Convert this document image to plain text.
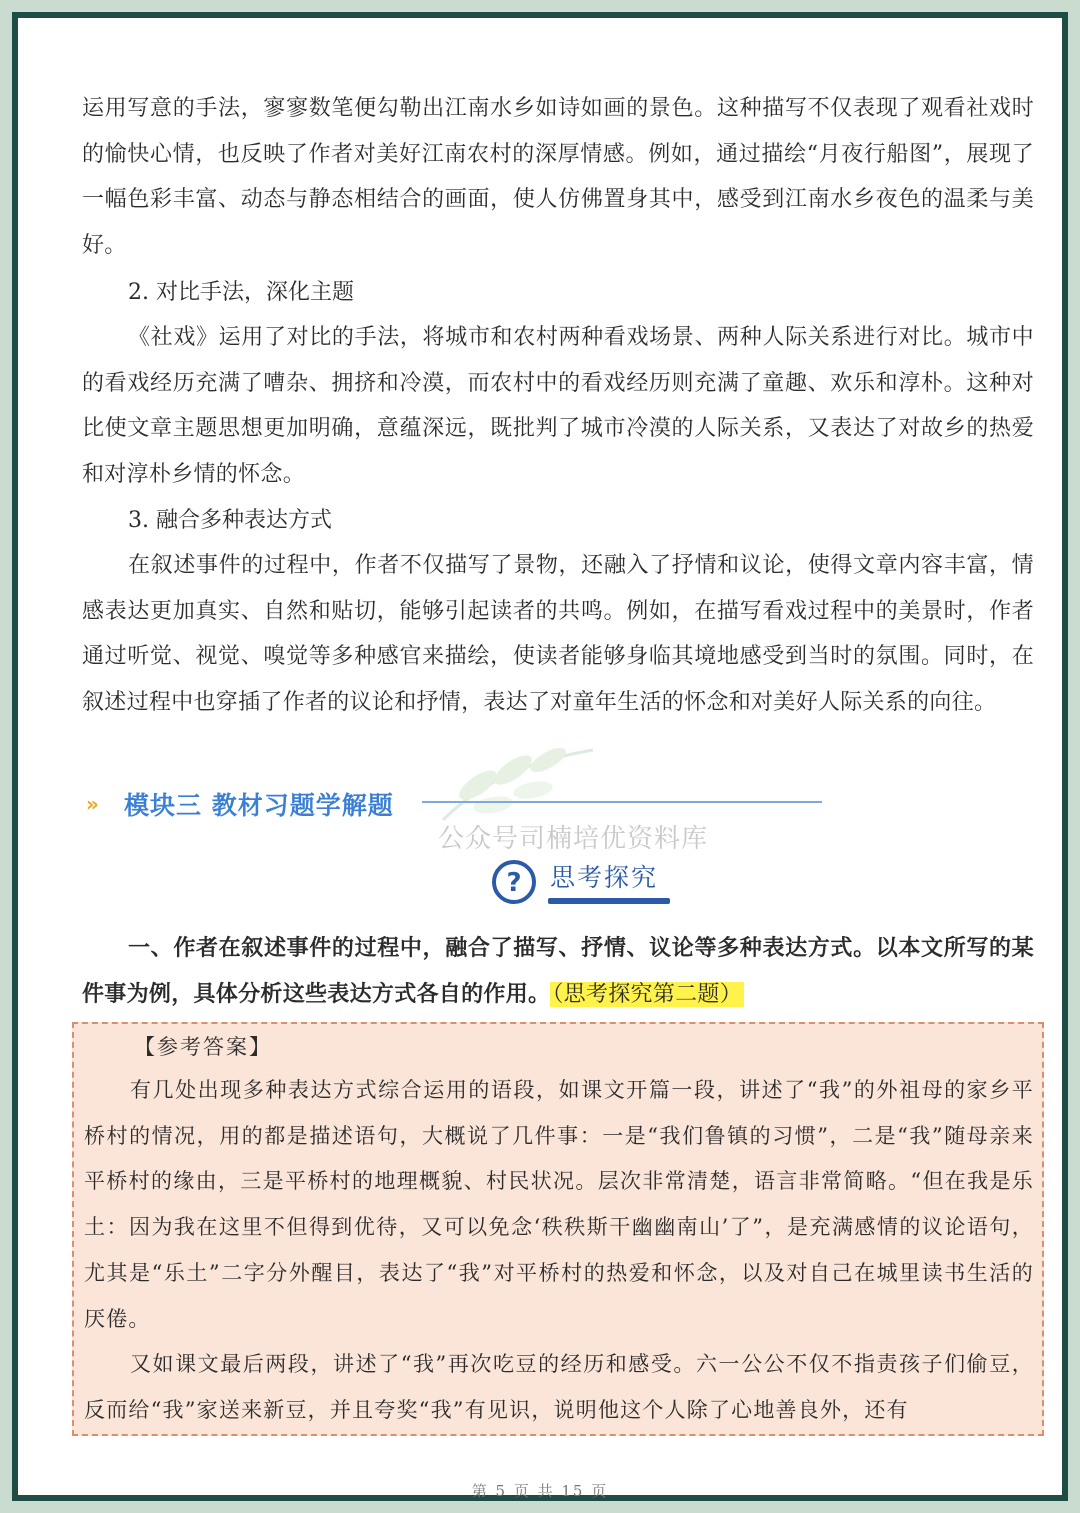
运用写意的手法，寥寥数笔便勾勒出江南水乡如诗如画的景色。这种描写不仅表现了观看社戏时的愉快心情，也反映了作者对美好江南农村的深厚情感。例如，通过描绘“月夜行船图”，展现了一幅色彩丰富、动态与静态相结合的画面，使人仿佛置身其中，感受到江南水乡夜色的温柔与美好。

2. 对比手法，深化主题

《社戏》运用了对比的手法，将城市和农村两种看戏场景、两种人际关系进行对比。城市中的看戏经历充满了嘈杂、拥挤和冷漠，而农村中的看戏经历则充满了童趣、欢乐和淳朴。这种对比使文章主题思想更加明确，意蕴深远，既批判了城市冷漠的人际关系，又表达了对故乡的热爱和对淳朴乡情的怀念。

3. 融合多种表达方式

在叙述事件的过程中，作者不仅描写了景物，还融入了抒情和议论，使得文章内容丰富，情感表达更加真实、自然和贴切，能够引起读者的共鸣。例如，在描写看戏过程中的美景时，作者通过听觉、视觉、嗅觉等多种感官来描绘，使读者能够身临其境地感受到当时的氛围。同时，在叙述过程中也穿插了作者的议论和抒情，表达了对童年生活的怀念和对美好人际关系的向往。

» 模块三 教材习题学解题
公众号司楠培优资料库
?	思考探究

一、作者在叙述事件的过程中，融合了描写、抒情、议论等多种表达方式。以本文所写的某件事为例，具体分析这些表达方式各自的作用。（思考探究第二题）

【参考答案】

有几处出现多种表达方式综合运用的语段，如课文开篇一段，讲述了“我”的外祖母的家乡平桥村的情况，用的都是描述语句，大概说了几件事：一是“我们鲁镇的习惯”，二是“我”随母亲来平桥村的缘由，三是平桥村的地理概貌、村民状况。层次非常清楚，语言非常简略。“但在我是乐土：因为我在这里不但得到优待，又可以免念‘秩秩斯干幽幽南山’了”，是充满感情的议论语句，尤其是“乐土”二字分外醒目，表达了“我”对平桥村的热爱和怀念，以及对自己在城里读书生活的厌倦。

又如课文最后两段，讲述了“我”再次吃豆的经历和感受。六一公公不仅不指责孩子们偷豆，反而给“我”家送来新豆，并且夸奖“我”有见识，说明他这个人除了心地善良外，还有

第 5 页 共 15 页
